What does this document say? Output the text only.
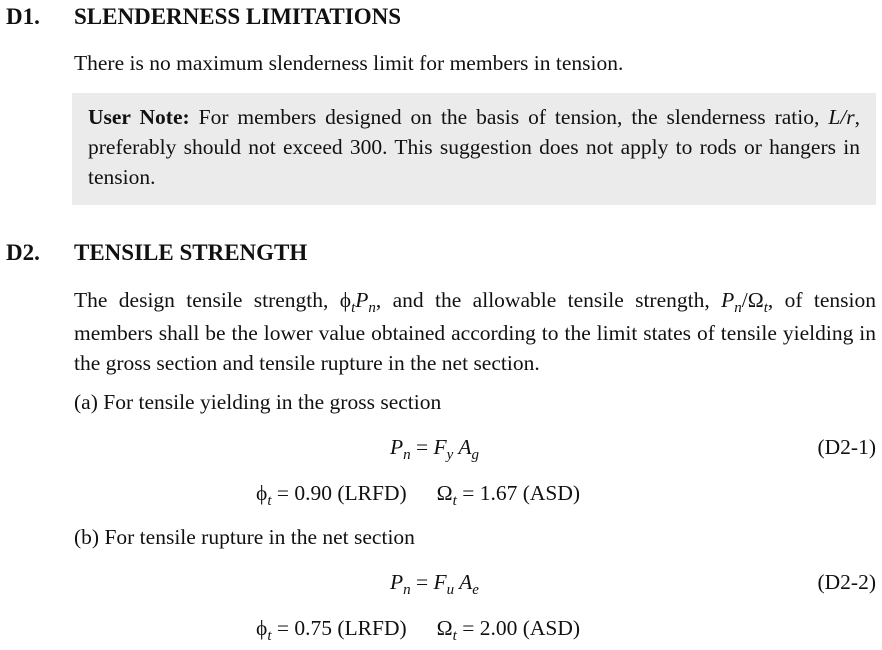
D1. SLENDERNESS LIMITATIONS
There is no maximum slenderness limit for members in tension.
User Note: For members designed on the basis of tension, the slenderness ratio, L/r, preferably should not exceed 300. This suggestion does not apply to rods or hangers in tension.
D2. TENSILE STRENGTH
The design tensile strength, $\phi_tP_n$, and the allowable tensile strength, $P_n/\Omega_t$, of tension members shall be the lower value obtained according to the limit states of tensile yielding in the gross section and tensile rupture in the net section.
(a) For tensile yielding in the gross section
$P_n = F_y$ $A_g$	(D2-1)
$\phi_t = 0.90$ (LRFD) $\Omega_t = 1.67$ (ASD)
(b) For tensile rupture in the net section
$P_n = F_u$ $A_e$	(D2-2)
$\phi_t = 0.75$ (LRFD) $\Omega_t = 2.00$ (ASD)
